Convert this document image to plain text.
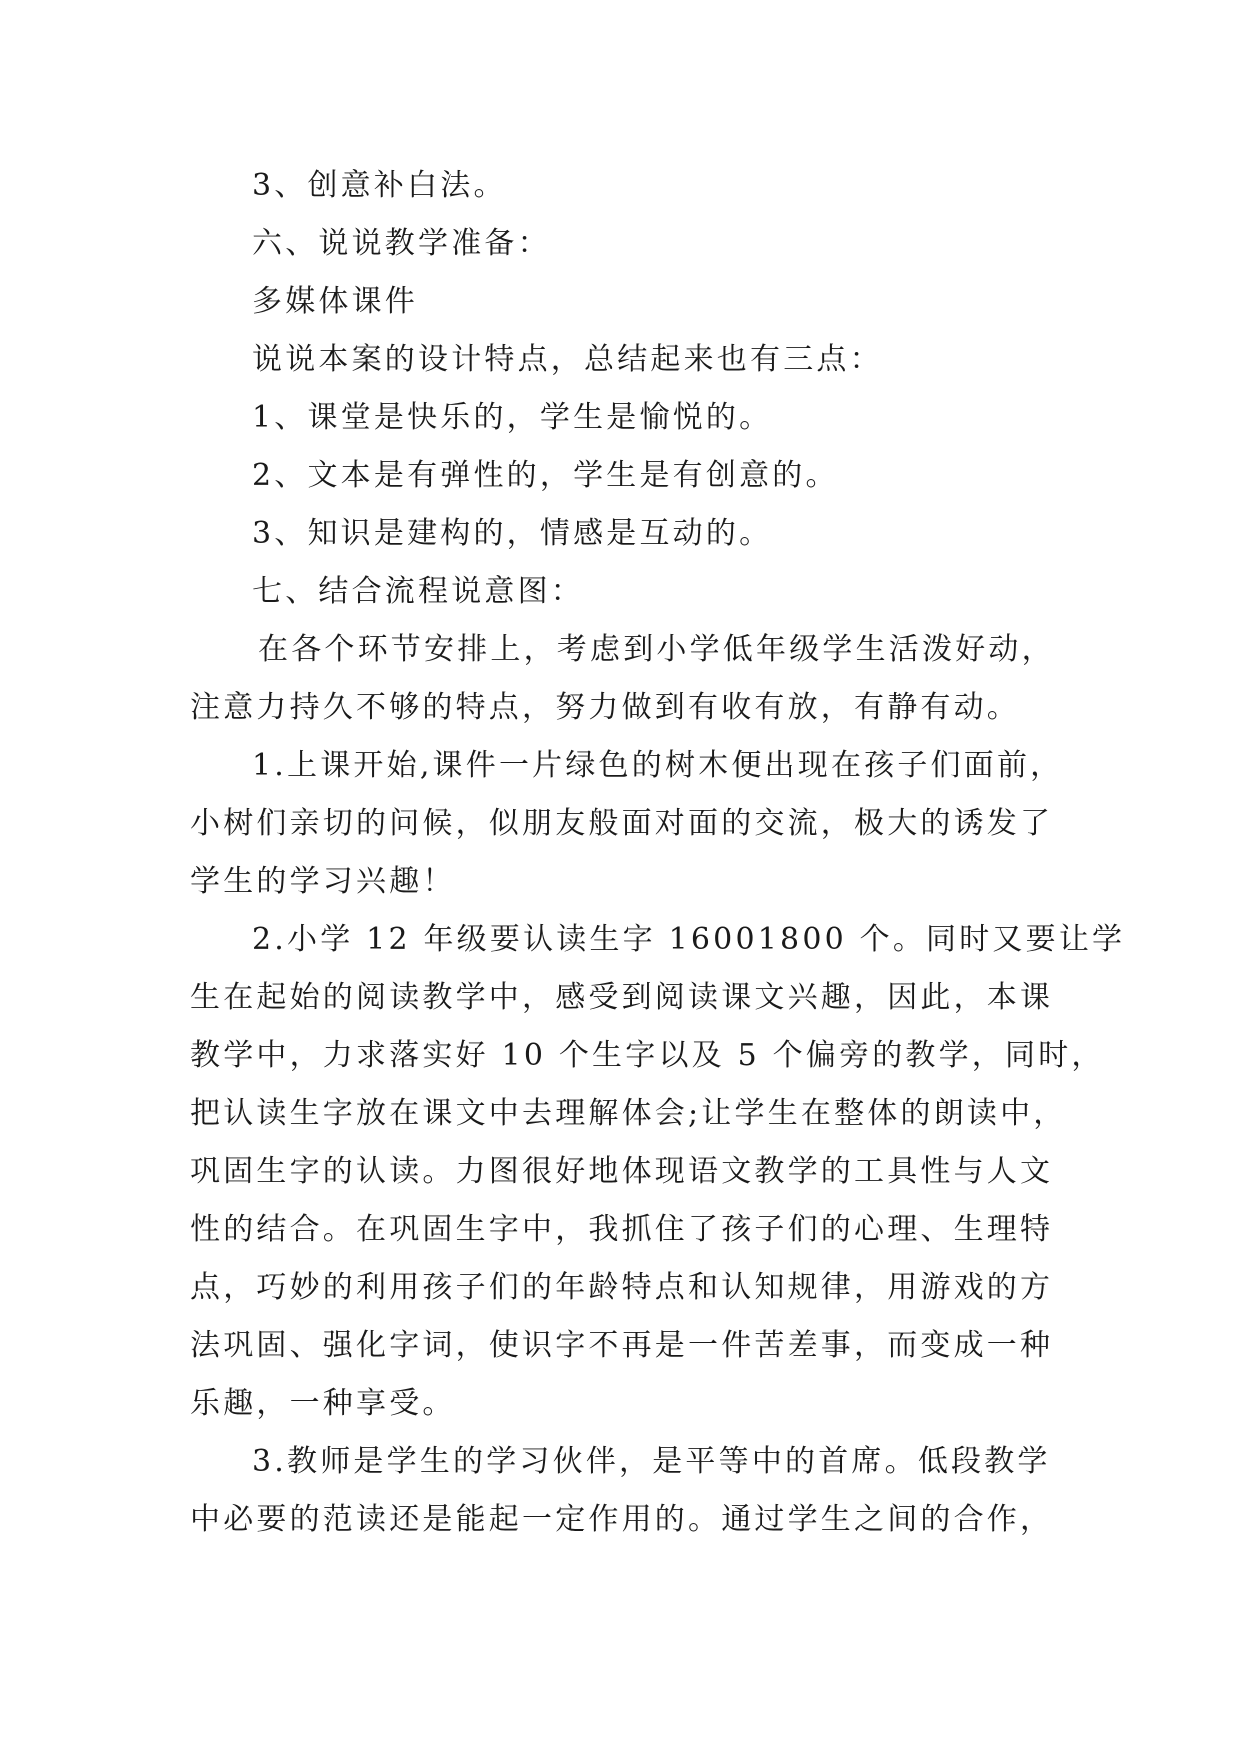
3、创意补白法。
六、说说教学准备：
多媒体课件
说说本案的设计特点，总结起来也有三点：
1、课堂是快乐的，学生是愉悦的。
2、文本是有弹性的，学生是有创意的。
3、知识是建构的，情感是互动的。
七、结合流程说意图：
在各个环节安排上，考虑到小学低年级学生活泼好动，
注意力持久不够的特点，努力做到有收有放，有静有动。
1.上课开始,课件一片绿色的树木便出现在孩子们面前，
小树们亲切的问候，似朋友般面对面的交流，极大的诱发了
学生的学习兴趣！
2.小学 12 年级要认读生字 16001800 个。同时又要让学
生在起始的阅读教学中，感受到阅读课文兴趣，因此，本课
教学中，力求落实好 10 个生字以及 5 个偏旁的教学，同时，
把认读生字放在课文中去理解体会;让学生在整体的朗读中，
巩固生字的认读。力图很好地体现语文教学的工具性与人文
性的结合。在巩固生字中，我抓住了孩子们的心理、生理特
点，巧妙的利用孩子们的年龄特点和认知规律，用游戏的方
法巩固、强化字词，使识字不再是一件苦差事，而变成一种
乐趣，一种享受。
3.教师是学生的学习伙伴，是平等中的首席。低段教学
中必要的范读还是能起一定作用的。通过学生之间的合作，
